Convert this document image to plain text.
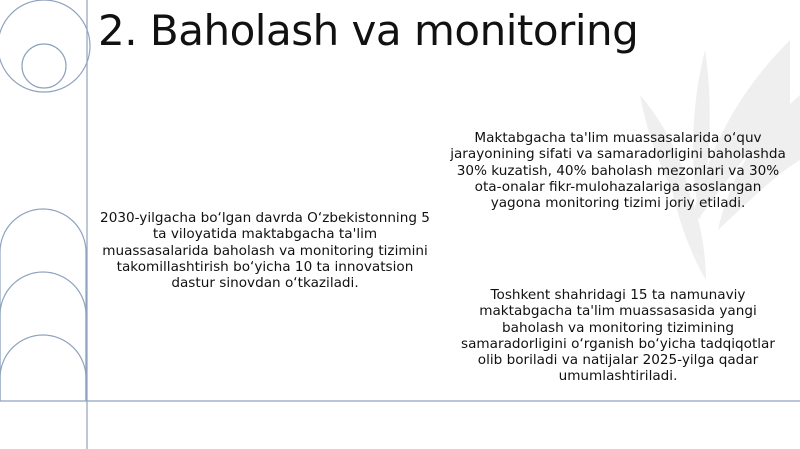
2. Baholash va monitoring
2030-yilgacha bo‘lgan davrda O‘zbekistonning 5 ta viloyatida maktabgacha ta'lim muassasalarida baholash va monitoring tizimini takomillashtirish bo‘yicha 10 ta innovatsion dastur sinovdan o‘tkaziladi.
Maktabgacha ta'lim muassasalarida o‘quv jarayonining sifati va samaradorligini baholashda 30% kuzatish, 40% baholash mezonlari va 30% ota-onalar fikr-mulohazalariga asoslangan yagona monitoring tizimi joriy etiladi.
Toshkent shahridagi 15 ta namunaviy maktabgacha ta'lim muassasasida yangi baholash va monitoring tizimining samaradorligini o‘rganish bo‘yicha tadqiqotlar olib boriladi va natijalar 2025-yilga qadar umumlashtiriladi.
